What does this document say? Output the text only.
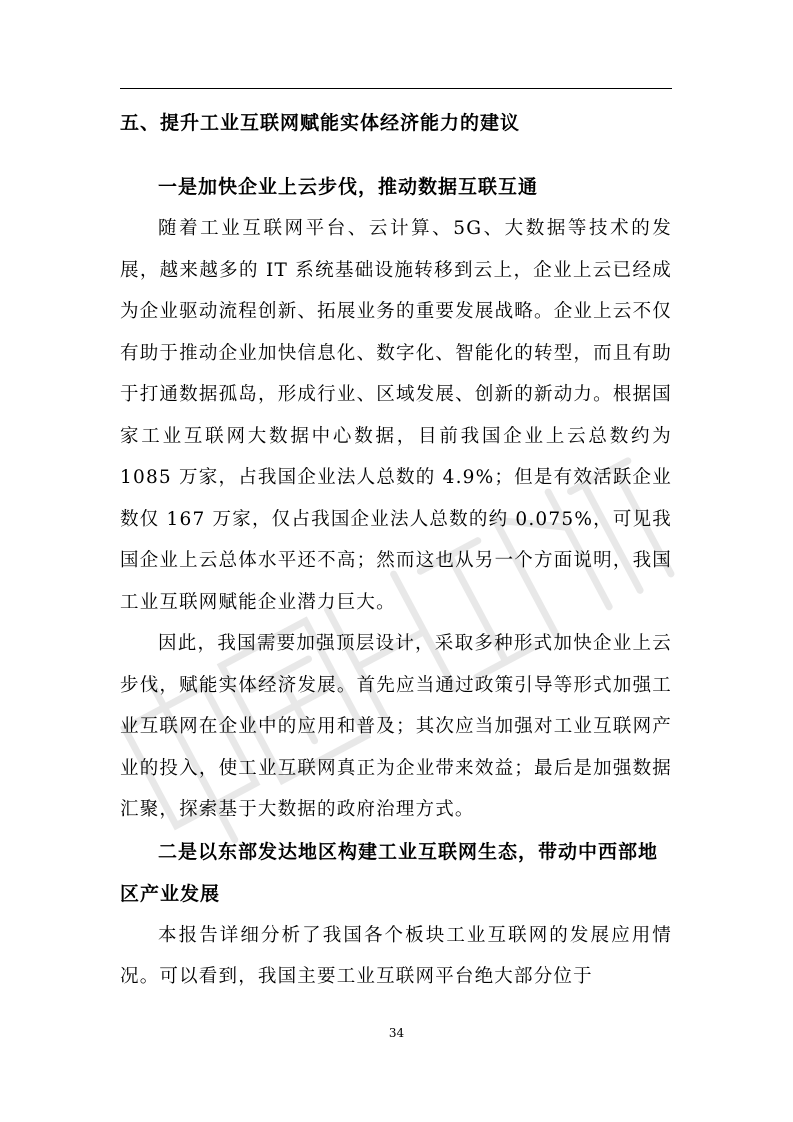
五、提升工业互联网赋能实体经济能力的建议
一是加快企业上云步伐，推动数据互联互通

随着工业互联网平台、云计算、5G、大数据等技术的发展，越来越多的 IT 系统基础设施转移到云上，企业上云已经成为企业驱动流程创新、拓展业务的重要发展战略。企业上云不仅有助于推动企业加快信息化、数字化、智能化的转型，而且有助于打通数据孤岛，形成行业、区域发展、创新的新动力。根据国家工业互联网大数据中心数据，目前我国企业上云总数约为 1085 万家，占我国企业法人总数的 4.9%；但是有效活跃企业数仅 167 万家，仅占我国企业法人总数的约 0.075%，可见我国企业上云总体水平还不高；然而这也从另一个方面说明，我国工业互联网赋能企业潜力巨大。

因此，我国需要加强顶层设计，采取多种形式加快企业上云步伐，赋能实体经济发展。首先应当通过政策引导等形式加强工业互联网在企业中的应用和普及；其次应当加强对工业互联网产业的投入，使工业互联网真正为企业带来效益；最后是加强数据汇聚，探索基于大数据的政府治理方式。

二是以东部发达地区构建工业互联网生态，带动中西部地区产业发展

本报告详细分析了我国各个板块工业互联网的发展应用情况。可以看到，我国主要工业互联网平台绝大部分位于

34
